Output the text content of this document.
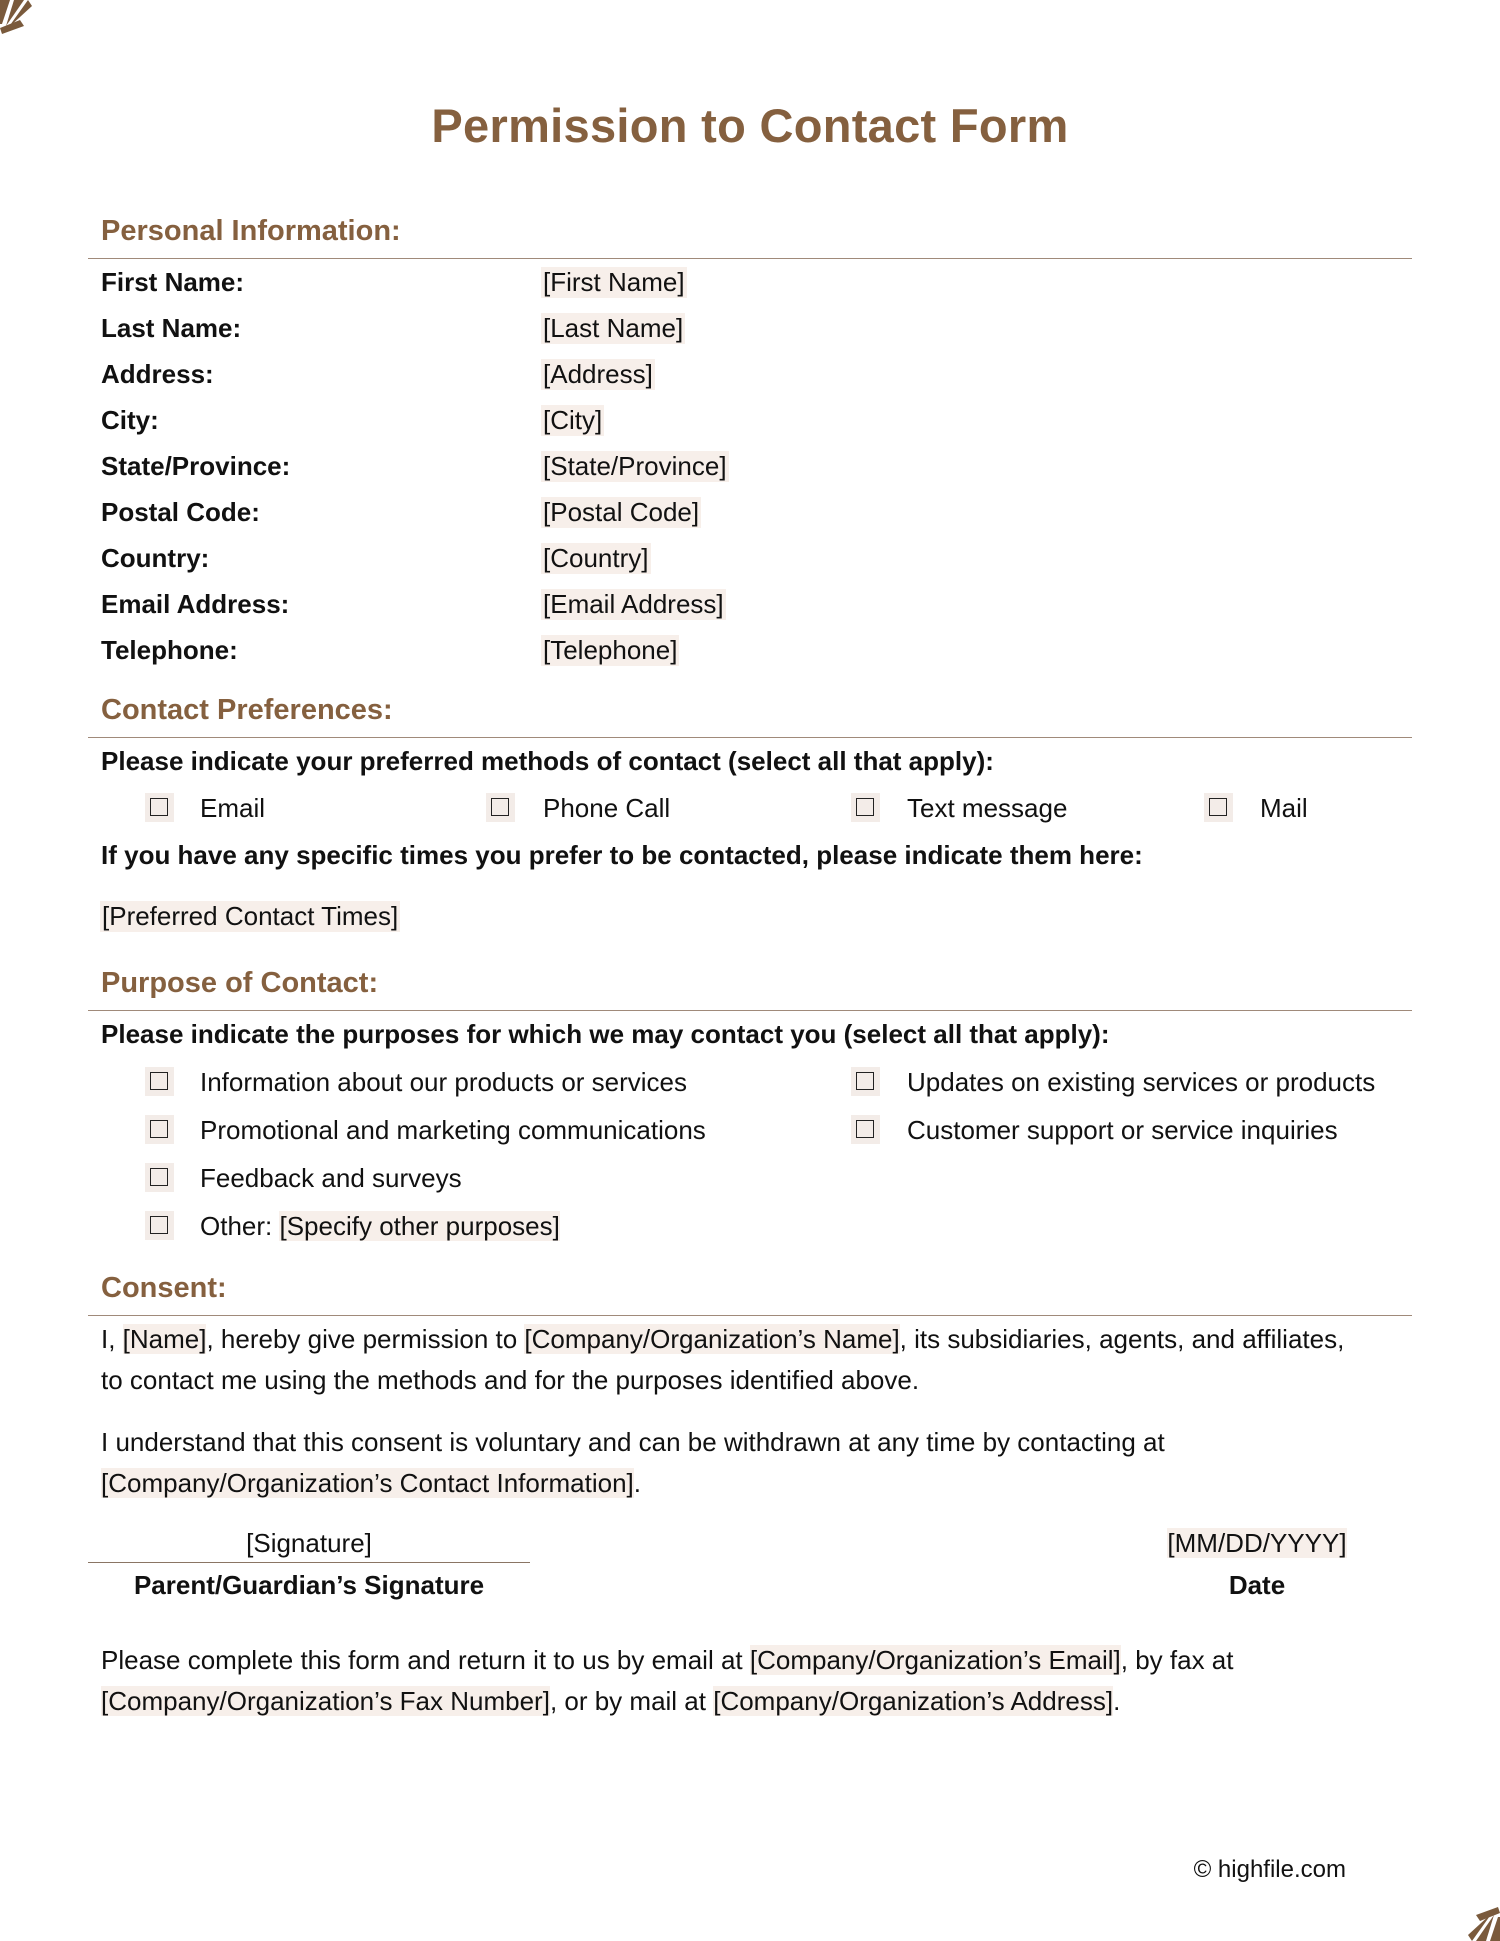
Permission to Contact Form
Personal Information:
First Name:	[First Name]
Last Name:	[Last Name]
Address:	[Address]
City:	[City]
State/Province:	[State/Province]
Postal Code:	[Postal Code]
Country:	[Country]
Email Address:	[Email Address]
Telephone:	[Telephone]
Contact Preferences:
Please indicate your preferred methods of contact (select all that apply):
Email	Phone Call	Text message	Mail
If you have any specific times you prefer to be contacted, please indicate them here:
[Preferred Contact Times]
Purpose of Contact:
Please indicate the purposes for which we may contact you (select all that apply):
Information about our products or services	Updates on existing services or products
Promotional and marketing communications	Customer support or service inquiries
Feedback and surveys
Other: [Specify other purposes]
Consent:
I, [Name], hereby give permission to [Company/Organization’s Name], its subsidiaries, agents, and affiliates,
to contact me using the methods and for the purposes identified above.
I understand that this consent is voluntary and can be withdrawn at any time by contacting at
[Company/Organization’s Contact Information].
[Signature]
Parent/Guardian’s Signature
[MM/DD/YYYY]
Date
Please complete this form and return it to us by email at [Company/Organization’s Email], by fax at
[Company/Organization’s Fax Number], or by mail at [Company/Organization’s Address].
© highfile.com
